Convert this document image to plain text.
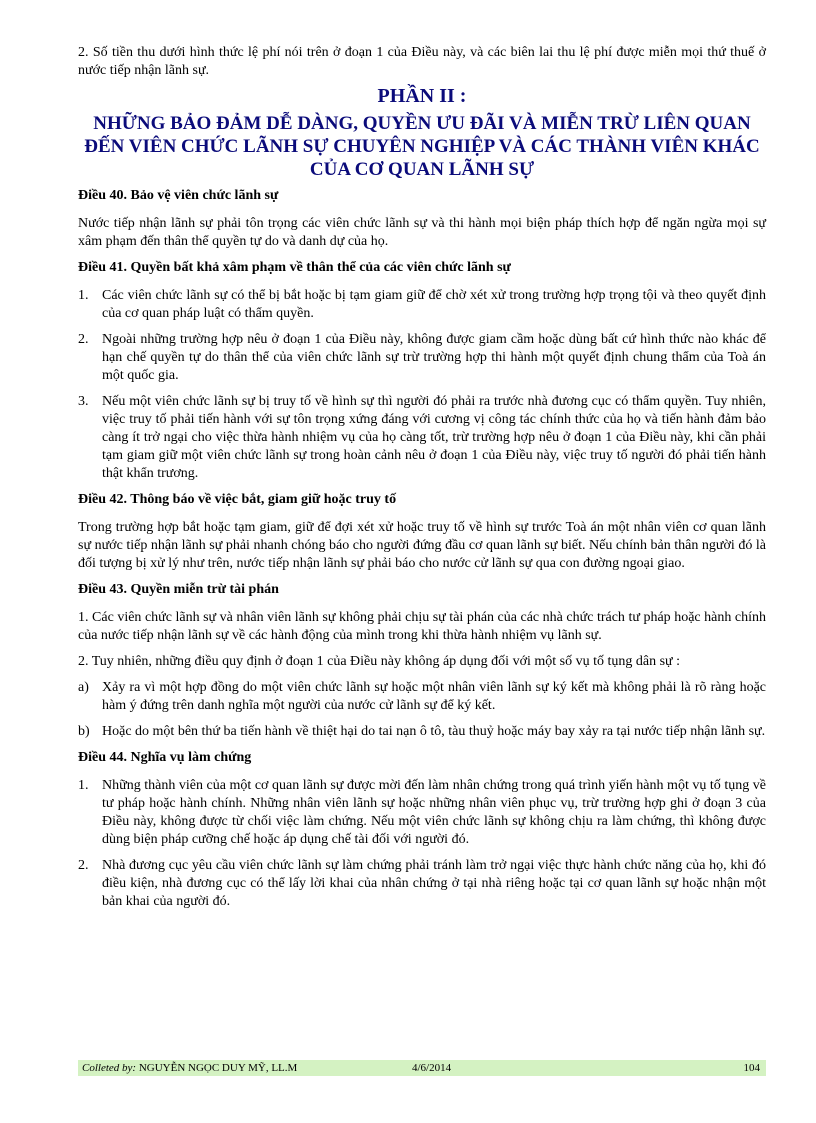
2. Số tiền thu dưới hình thức lệ phí nói trên ở đoạn 1 của Điều này, và các biên lai thu lệ phí được miễn mọi thứ thuế ở nước tiếp nhận lãnh sự.

PHẦN II :
NHỮNG BẢO ĐẢM DỄ DÀNG, QUYỀN ƯU ĐÃI VÀ MIỄN TRỪ LIÊN QUAN ĐẾN VIÊN CHỨC LÃNH SỰ CHUYÊN NGHIỆP VÀ CÁC THÀNH VIÊN KHÁC CỦA CƠ QUAN LÃNH SỰ
Điều 40. Bảo vệ viên chức lãnh sự

Nước tiếp nhận lãnh sự phải tôn trọng các viên chức lãnh sự và thi hành mọi biện pháp thích hợp để ngăn ngừa mọi sự xâm phạm đến thân thể quyền tự do và danh dự của họ.

Điều 41. Quyền bất khả xâm phạm về thân thể của các viên chức lãnh sự
1. Các viên chức lãnh sự có thể bị bắt hoặc bị tạm giam giữ để chờ xét xử trong trường hợp trọng tội và theo quyết định của cơ quan pháp luật có thẩm quyền.
2. Ngoài những trường hợp nêu ở đoạn 1 của Điều này, không được giam cầm hoặc dùng bất cứ hình thức nào khác để hạn chế quyền tự do thân thể của viên chức lãnh sự trừ trường hợp thi hành một quyết định chung thẩm của Toà án một quốc gia.
3. Nếu một viên chức lãnh sự bị truy tố về hình sự thì người đó phải ra trước nhà đương cục có thẩm quyền. Tuy nhiên, việc truy tố phải tiến hành với sự tôn trọng xứng đáng với cương vị công tác chính thức của họ và tiến hành đảm bảo càng ít trở ngại cho việc thừa hành nhiệm vụ của họ càng tốt, trừ trường hợp nêu ở đoạn 1 của Điều này, khi cần phải tạm giam giữ một viên chức lãnh sự trong hoàn cảnh nêu ở đoạn 1 của Điều này, việc truy tố người đó phải tiến hành thật khẩn trương.
Điều 42. Thông báo về việc bắt, giam giữ hoặc truy tố

Trong trường hợp bắt hoặc tạm giam, giữ để đợi xét xử hoặc truy tố về hình sự trước Toà án một nhân viên cơ quan lãnh sự nước tiếp nhận lãnh sự phải nhanh chóng báo cho người đứng đầu cơ quan lãnh sự biết. Nếu chính bản thân người đó là đối tượng bị xử lý như trên, nước tiếp nhận lãnh sự phải báo cho nước cử lãnh sự qua con đường ngoại giao.

Điều 43. Quyền miễn trừ tài phán

1. Các viên chức lãnh sự và nhân viên lãnh sự không phải chịu sự tài phán của các nhà chức trách tư pháp hoặc hành chính của nước tiếp nhận lãnh sự về các hành động của mình trong khi thừa hành nhiệm vụ lãnh sự.

2. Tuy nhiên, những điều quy định ở đoạn 1 của Điều này không áp dụng đối với một số vụ tố tụng dân sự :

a) Xảy ra vì một hợp đồng do một viên chức lãnh sự hoặc một nhân viên lãnh sự ký kết mà không phải là rõ ràng hoặc hàm ý đứng trên danh nghĩa một người của nước cử lãnh sự để ký kết.
b) Hoặc do một bên thứ ba tiến hành về thiệt hại do tai nạn ô tô, tàu thuỷ hoặc máy bay xảy ra tại nước tiếp nhận lãnh sự.
Điều 44. Nghĩa vụ làm chứng
1. Những thành viên của một cơ quan lãnh sự được mời đến làm nhân chứng trong quá trình yiến hành một vụ tố tụng về tư pháp hoặc hành chính. Những nhân viên lãnh sự hoặc những nhân viên phục vụ, trừ trường hợp ghi ở đoạn 3 của Điều này, không được từ chối việc làm chứng. Nếu một viên chức lãnh sự không chịu ra làm chứng, thì không được dùng biện pháp cưỡng chế hoặc áp dụng chế tài đối với người đó.
2. Nhà đương cục yêu cầu viên chức lãnh sự làm chứng phải tránh làm trở ngại việc thực hành chức năng của họ, khi đó điều kiện, nhà đương cục có thể lấy lời khai của nhân chứng ở tại nhà riêng hoặc tại cơ quan lãnh sự hoặc nhận một bản khai của người đó.
Colleted by: NGUYỄN NGỌC DUY MỸ, LL.M	4/6/2014	104
